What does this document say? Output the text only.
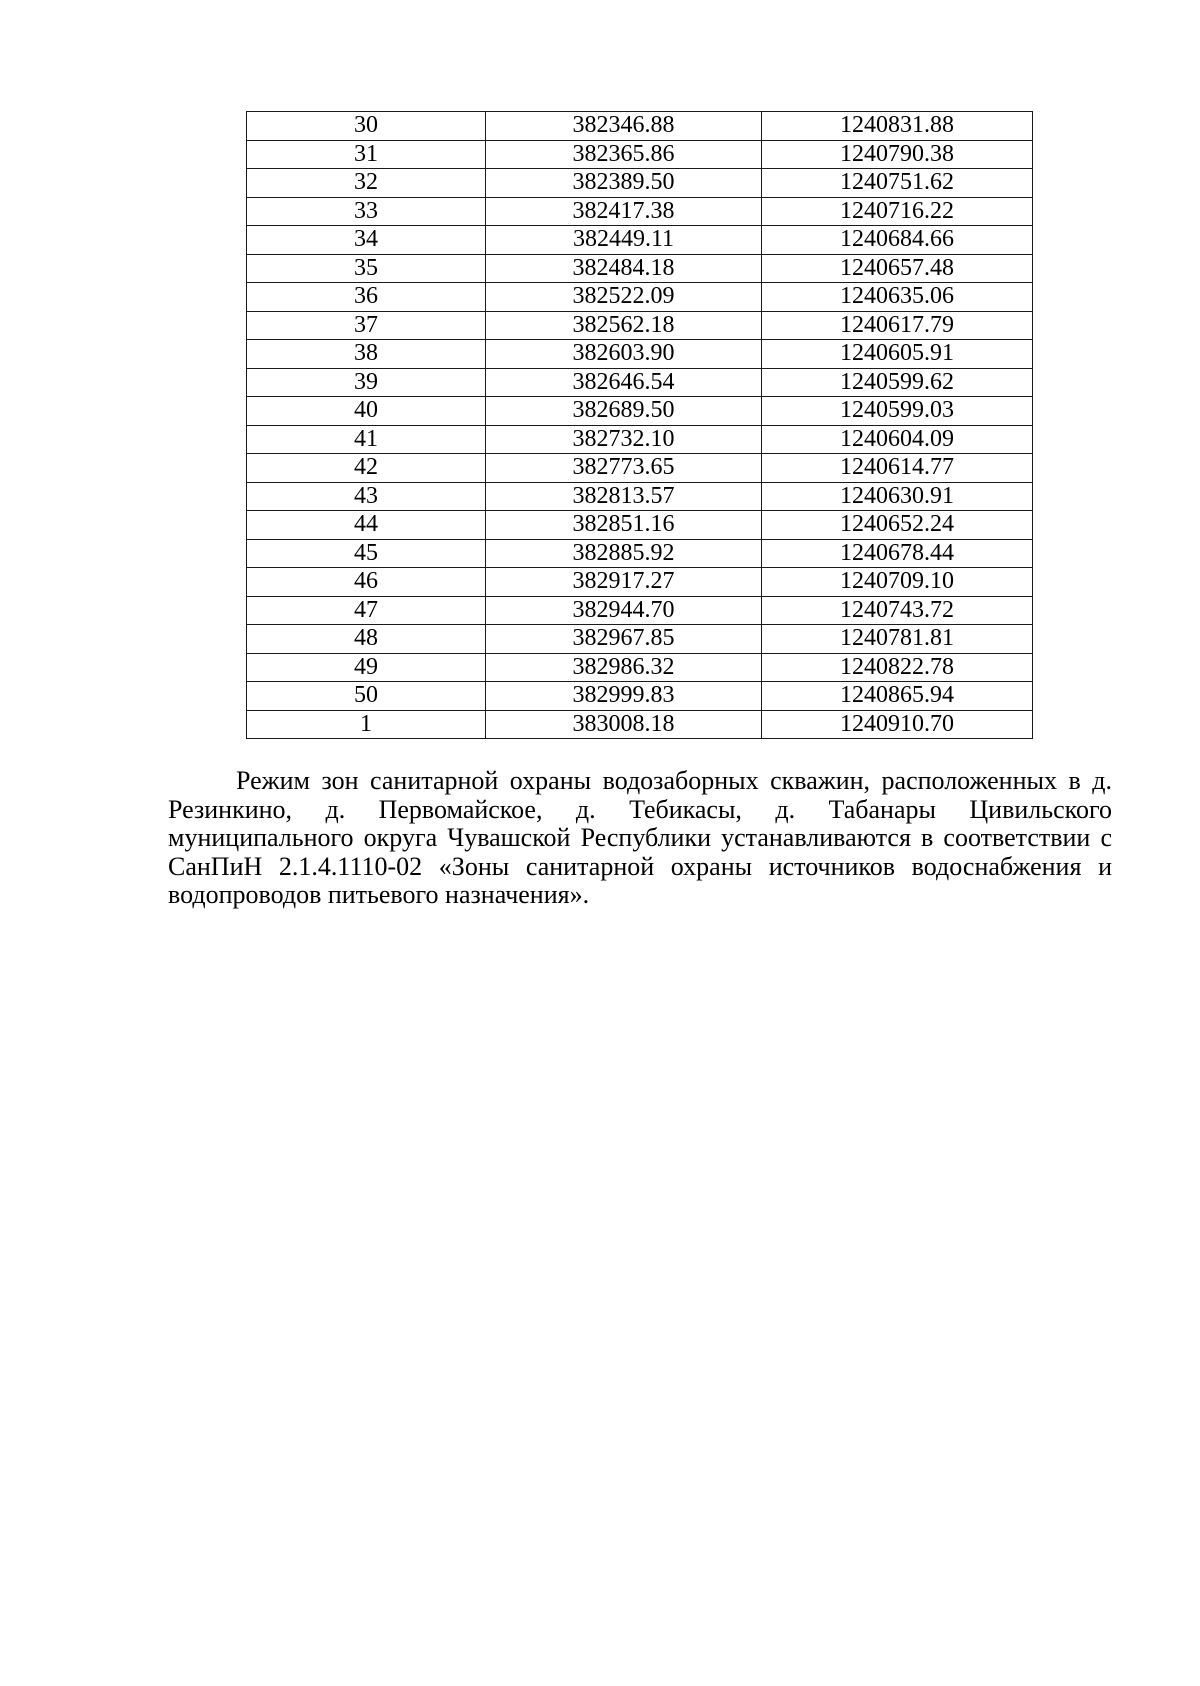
30	382346.88	1240831.88
31	382365.86	1240790.38
32	382389.50	1240751.62
33	382417.38	1240716.22
34	382449.11	1240684.66
35	382484.18	1240657.48
36	382522.09	1240635.06
37	382562.18	1240617.79
38	382603.90	1240605.91
39	382646.54	1240599.62
40	382689.50	1240599.03
41	382732.10	1240604.09
42	382773.65	1240614.77
43	382813.57	1240630.91
44	382851.16	1240652.24
45	382885.92	1240678.44
46	382917.27	1240709.10
47	382944.70	1240743.72
48	382967.85	1240781.81
49	382986.32	1240822.78
50	382999.83	1240865.94
1	383008.18	1240910.70

Режим зон санитарной охраны водозаборных скважин, расположенных в д. Резинкино, д. Первомайское, д. Тебикасы, д. Табанары Цивильского муниципального округа Чувашской Республики устанавливаются в соответствии с СанПиН 2.1.4.1110-02 «Зоны санитарной охраны источников водоснабжения и водопроводов питьевого назначения».
